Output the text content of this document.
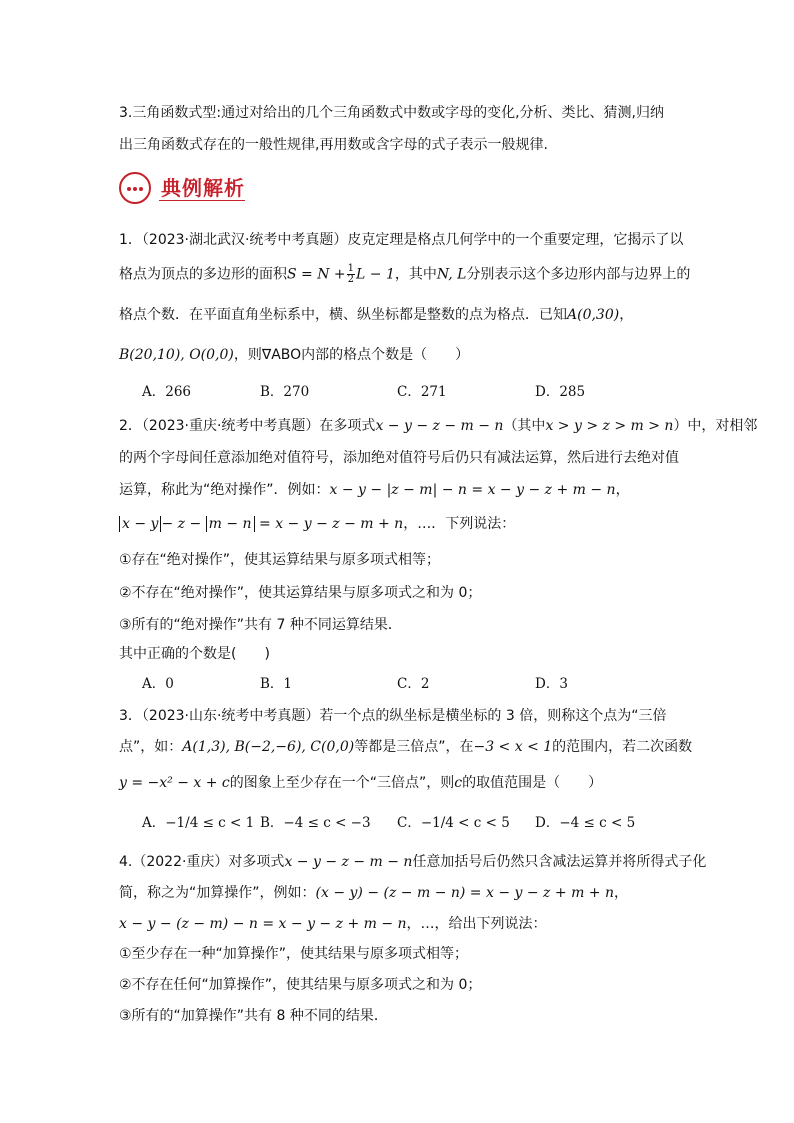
3.三角函数式型:通过对给出的几个三角函数式中数或字母的变化,分析、类比、猜测,归纳
出三角函数式存在的一般性规律,再用数或含字母的式子表示一般规律.
典例解析
1．（2023·湖北武汉·统考中考真题）皮克定理是格点几何学中的一个重要定理，它揭示了以
格点为顶点的多边形的面积$S = N + \frac{1}{2}$ L − 1，其中N, L分别表示这个多边形内部与边界上的
格点个数．在平面直角坐标系中，横、纵坐标都是整数的点为格点．已知A(0,30)，
B(20,10), O(0,0)，则∇ABO内部的格点个数是（　　）
A．266	B．270	C．271	D．285
2．（2023·重庆·统考中考真题）在多项式x − y − z − m − n（其中x > y > z > m > n）中，对相邻
的两个字母间任意添加绝对值符号，添加绝对值符号后仍只有减法运算，然后进行去绝对值
运算，称此为“绝对操作”．例如：x − y − |z − m| − n = x − y − z + m − n，
x − y − z − m − n = x − y − z − m + n，…．下列说法：
①存在“绝对操作”，使其运算结果与原多项式相等；
②不存在“绝对操作”，使其运算结果与原多项式之和为 0；
③所有的“绝对操作”共有 7 种不同运算结果．
其中正确的个数是(　　)
A．0	B．1	C．2	D．3
3．（2023·山东·统考中考真题）若一个点的纵坐标是横坐标的 3 倍，则称这个点为“三倍
点”，如：A(1,3), B(−2,−6), C(0,0)等都是三倍点”，在−3 < x < 1的范围内，若二次函数
y = −x² − x + c的图象上至少存在一个“三倍点”，则c的取值范围是（　　）
A．−1/4 ≤ c < 1 B．−4 ≤ c < −3 C．−1/4 < c < 5 D．−4 ≤ c < 5
4.（2022·重庆）对多项式x − y − z − m − n任意加括号后仍然只含减法运算并将所得式子化
简，称之为“加算操作”，例如：(x − y) − (z − m − n) = x − y − z + m + n，
x − y − (z − m) − n = x − y − z + m − n，…，给出下列说法：
①至少存在一种“加算操作”，使其结果与原多项式相等；
②不存在任何“加算操作”，使其结果与原多项式之和为 0；
③所有的“加算操作”共有 8 种不同的结果．
